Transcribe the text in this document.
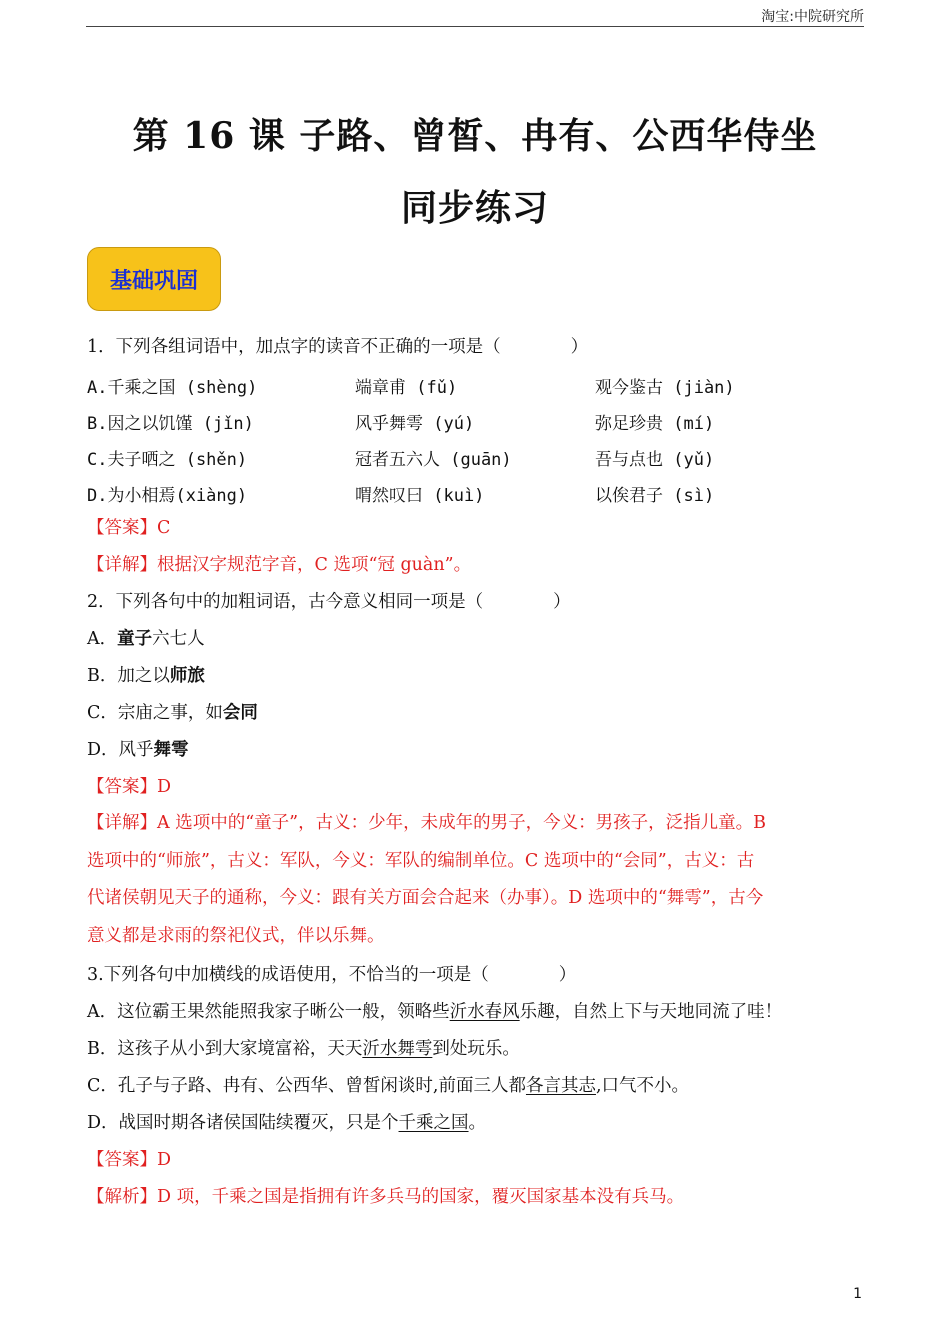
淘宝:中院研究所
第 16 课 子路、曾皙、冉有、公西华侍坐
同步练习
基础巩固
1．下列各组词语中，加点字的读音不正确的一项是（　　　　）
A.千乘之国 (shèng)	端章甫 (fǔ)	观今鉴古 (jiàn)
B.因之以饥馑 (jǐn)	风乎舞雩 (yú)	弥足珍贵 (mí)
C.夫子哂之 (shěn)	冠者五六人 (guān)	吾与点也 (yǔ)
D.为小相焉(xiàng)	喟然叹曰 (kuì)	以俟君子 (sì)
【答案】C
【详解】根据汉字规范字音，C 选项“冠 guàn”。
2．下列各句中的加粗词语，古今意义相同一项是（　　　　）
A．童子六七人
B．加之以师旅
C．宗庙之事，如会同
D．风乎舞雩
【答案】D
【详解】A 选项中的“童子”，古义：少年，未成年的男子，今义：男孩子，泛指儿童。B
选项中的“师旅”，古义：军队，今义：军队的编制单位。C 选项中的“会同”，古义：古
代诸侯朝见天子的通称，今义：跟有关方面会合起来（办事）。D 选项中的“舞雩”，古今
意义都是求雨的祭祀仪式，伴以乐舞。
3.下列各句中加横线的成语使用，不恰当的一项是（　　　　）
A．这位霸王果然能照我家子晰公一般，领略些沂水春风乐趣，自然上下与天地同流了哇！
B．这孩子从小到大家境富裕，天天沂水舞雩到处玩乐。
C．孔子与子路、冉有、公西华、曾皙闲谈时,前面三人都各言其志,口气不小。
D．战国时期各诸侯国陆续覆灭，只是个千乘之国。
【答案】D
【解析】D 项，千乘之国是指拥有许多兵马的国家，覆灭国家基本没有兵马。
1
